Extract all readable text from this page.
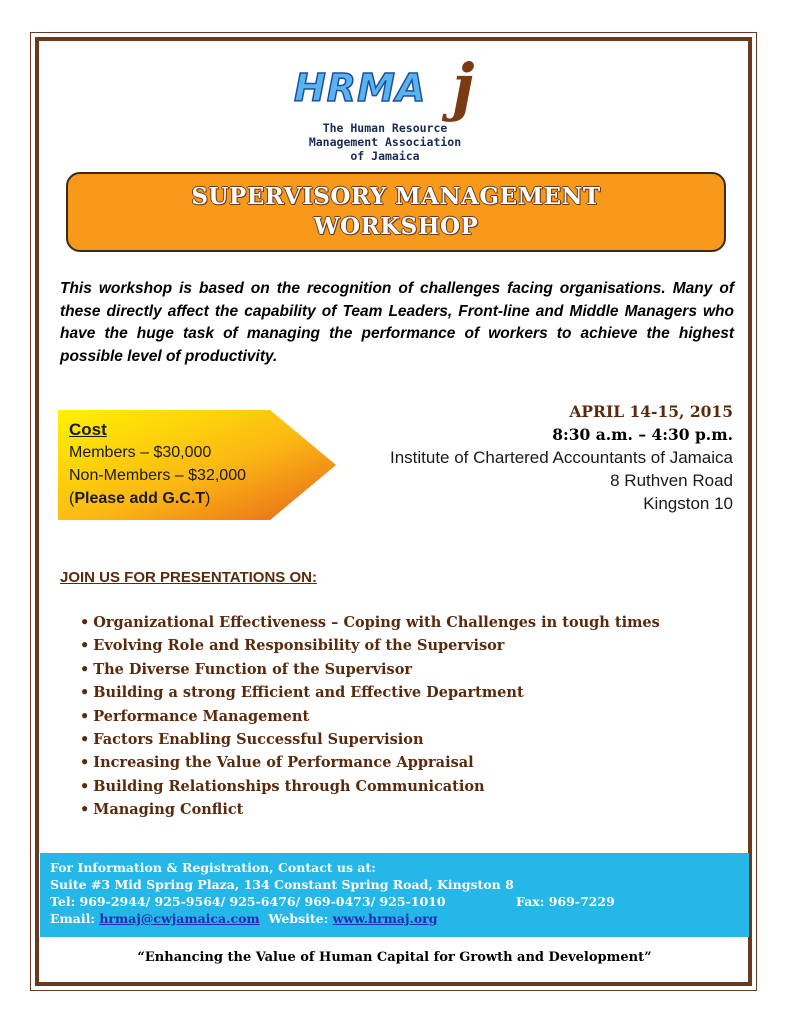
HRMA j
The Human Resource
Management Association
of Jamaica
SUPERVISORY MANAGEMENT
WORKSHOP
This workshop is based on the recognition of challenges facing organisations. Many of these directly affect the capability of Team Leaders, Front-line and Middle Managers who have the huge task of managing the performance of workers to achieve the highest possible level of productivity.
Cost
Members – $30,000
Non-Members – $32,000
(Please add G.C.T)
APRIL 14-15, 2015
8:30 a.m. – 4:30 p.m.
Institute of Chartered Accountants of Jamaica
8 Ruthven Road
Kingston 10
JOIN US FOR PRESENTATIONS ON:
• Organizational Effectiveness – Coping with Challenges in tough times
• Evolving Role and Responsibility of the Supervisor
• The Diverse Function of the Supervisor
• Building a strong Efficient and Effective Department
• Performance Management
• Factors Enabling Successful Supervision
• Increasing the Value of Performance Appraisal
• Building Relationships through Communication
• Managing Conflict
For Information & Registration, Contact us at:
Suite #3 Mid Spring Plaza, 134 Constant Spring Road, Kingston 8
Tel: 969-2944/ 925-9564/ 925-6476/ 969-0473/ 925-1010	Fax: 969-7229
Email: hrmaj@cwjamaica.com Website: www.hrmaj.org
“Enhancing the Value of Human Capital for Growth and Development”
